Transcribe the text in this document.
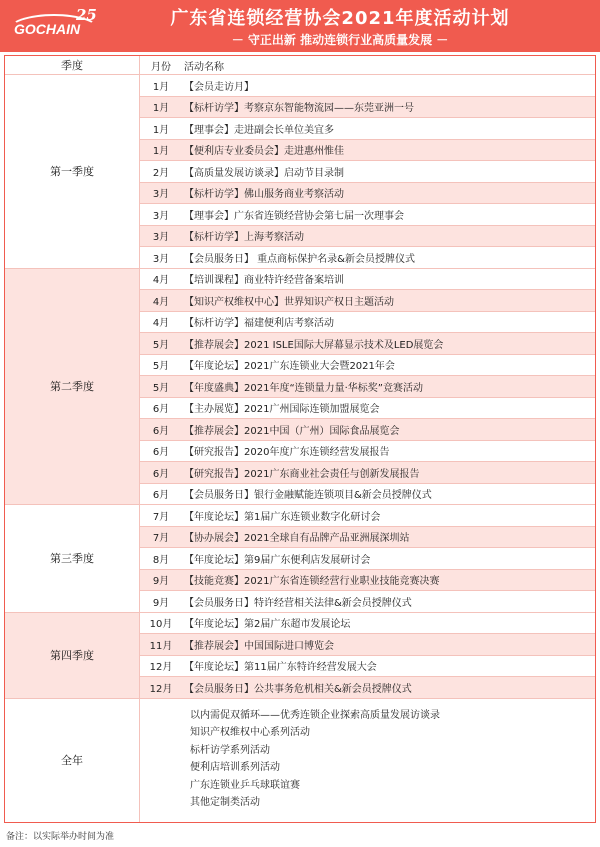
25
GOCHAIN	广东省连锁经营协会2021年度活动计划
－ 守正出新 推动连锁行业高质量发展 －
季度	月份	活动名称
第一季度
1月	【会员走访月】
1月	【标杆访学】考察京东智能物流园——东莞亚洲一号
1月	【理事会】走进副会长单位美宜多
1月	【便利店专业委员会】走进惠州惟佳
2月	【高质量发展访谈录】启动节目录制
3月	【标杆访学】佛山服务商业考察活动
3月	【理事会】广东省连锁经营协会第七届一次理事会
3月	【标杆访学】上海考察活动
3月	【会员服务日】 重点商标保护名录&新会员授牌仪式
第二季度
4月	【培训课程】商业特许经营备案培训
4月	【知识产权维权中心】世界知识产权日主题活动
4月	【标杆访学】福建便利店考察活动
5月	【推荐展会】2021 ISLE国际大屏幕显示技术及LED展览会
5月	【年度论坛】2021广东连锁业大会暨2021年会
5月	【年度盛典】2021年度“连锁量力量·华标奖”竞赛活动
6月	【主办展览】2021广州国际连锁加盟展览会
6月	【推荐展会】2021中国（广州）国际食品展览会
6月	【研究报告】2020年度广东连锁经营发展报告
6月	【研究报告】2021广东商业社会责任与创新发展报告
6月	【会员服务日】银行金融赋能连锁项目&新会员授牌仪式
第三季度
7月	【年度论坛】第1届广东连锁业数字化研讨会
7月	【协办展会】2021全球自有品牌产品亚洲展深圳站
8月	【年度论坛】第9届广东便利店发展研讨会
9月	【技能竞赛】2021广东省连锁经营行业职业技能竞赛决赛
9月	【会员服务日】特许经营相关法律&新会员授牌仪式
第四季度
10月	【年度论坛】第2届广东超市发展论坛
11月	【推荐展会】中国国际进口博览会
12月	【年度论坛】第11届广东特许经营发展大会
12月	【会员服务日】公共事务危机相关&新会员授牌仪式
全年
以内需促双循环——优秀连锁企业探索高质量发展访谈录
知识产权维权中心系列活动
标杆访学系列活动
便利店培训系列活动
广东连锁业乒乓球联谊赛
其他定制类活动
备注：以实际举办时间为准
